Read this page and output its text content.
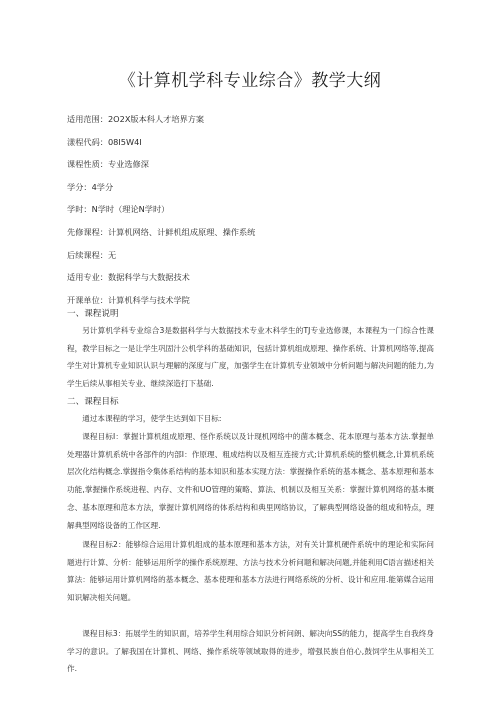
《计算机学科专业综合》教学大纲
适用范围：2O2X版本科人才培界方案
漾程代码：08I5W4I
课程性质：专业选修深
学分：4学分
学时：N学时（理论N学时）
先修课程：计算机网络、计鲜机组成原理、操作系统
后续课程：无
适用专业：数据科学与大数据技术
开课单位：计算机科学与技术学院
一、课程说明
另计算机学科专业综合3是数据科学与大数据技术专业木科学生的TJ专业选修课，本课程为一门综合性课程，教学目标之一是让学生巩固汁公机学科的基础知识，包括计算机组成原理、操作系统、计算机网络等,提高学生对计算机专业知识认识与理解的深度与广度，加强学生在计算机专业领域中分析问题与解决问题的能力,为学生后续从事相关专业、继续深造打下基础.
二、课程目标
通过本课程的学习，使学生达到如下目标:
课程目标I：掌握计算机组成原理、怪作系统以及计现机网络中的菌本概念、花本原理与基本方法.掌握单处理器计算机系统中各部件的内部I：作原理、粗成结构以及相互连接方式;计算机系统的整机概念,计算机系统层次化结构概念.掌握指令集体系结构的基本知识和基本实现方法：掌握操作系统的基本概念、基本原理和基本功能,掌握操作系统进程、内存、文件和UO管理的策略、算法、机制以及相互关系：掌握计算机网络的基本概念、基本原理和范本方法，掌握计算机网络的体系结构和典里网络协议，了解典型网络设备的组成和特点，理解典型网络设备的工作区理.
课程目标2：能够综合运用计算机组成的基本原理和基本方法，对有关计算机硬件系统中的理论和实际问题进行计算、分析：能够运用所学的操作系统原理、方法与技术分析问题和解决问题,并能利用C语言描述相关算法：能够运用计算机网络的基本概念、基本使理和基本方法进行网络系统的分析、设计和应用.能第媒合运用知识解决相关问题。
课程目标3：拓展学生的知识面，培养学生利用综合知识分析问朗、解决向SS的能力，提高学生自我终身学习的意识。了解我国在计算机、网络、操作系统等领域取得的进步，增强民族自伯心,鼓饲学生从事相关工作.
